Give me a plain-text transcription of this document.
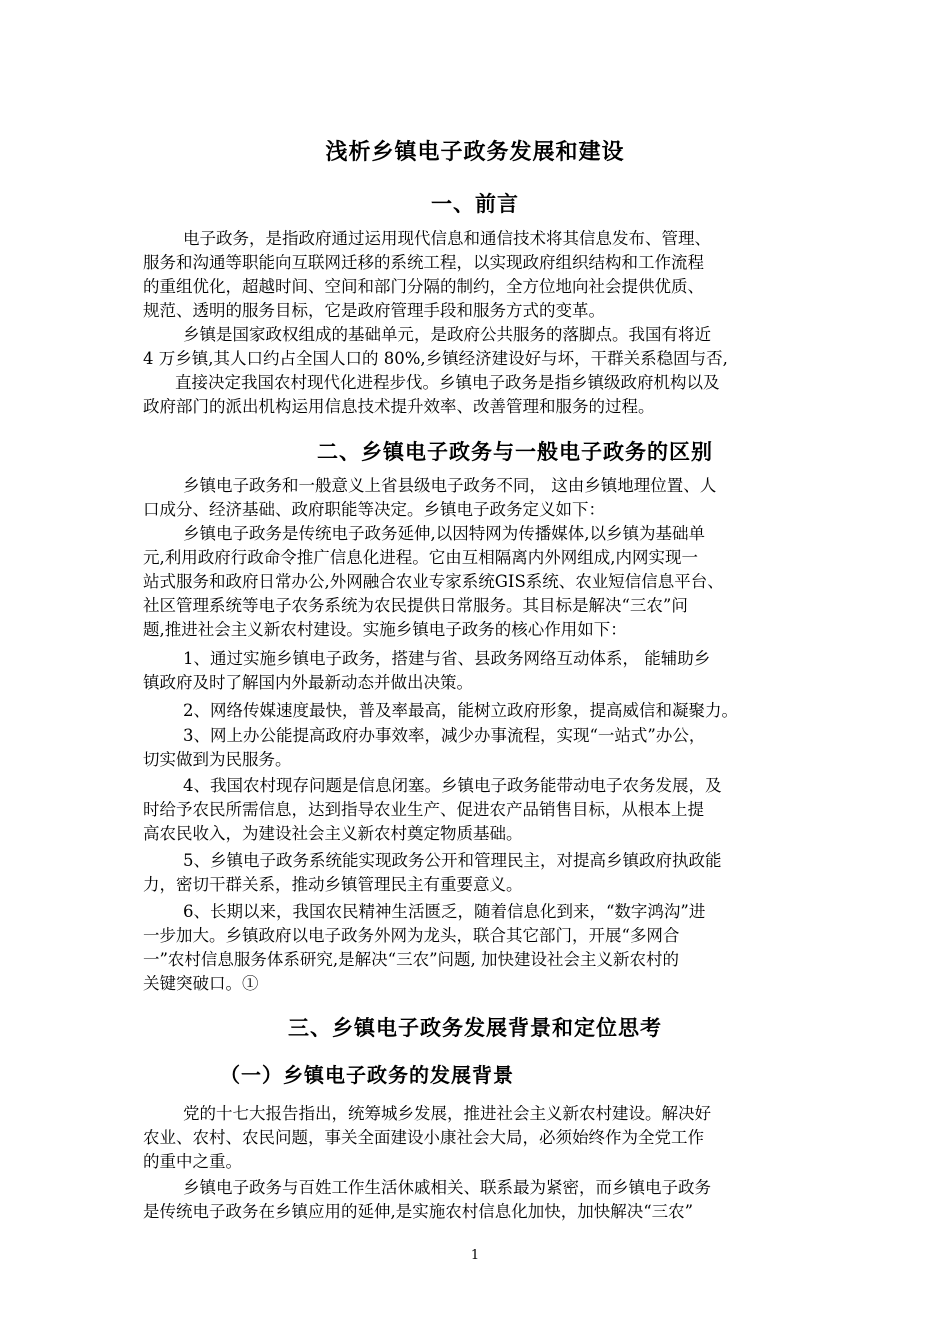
浅析乡镇电子政务发展和建设
一、前言
电子政务，是指政府通过运用现代信息和通信技术将其信息发布、管理、
服务和沟通等职能向互联网迁移的系统工程，以实现政府组织结构和工作流程
的重组优化，超越时间、空间和部门分隔的制约，全方位地向社会提供优质、
规范、透明的服务目标，它是政府管理手段和服务方式的变革。
乡镇是国家政权组成的基础单元，是政府公共服务的落脚点。我国有将近
4 万乡镇,其人口约占全国人口的 80%,乡镇经济建设好与坏，干群关系稳固与否,
直接决定我国农村现代化进程步伐。乡镇电子政务是指乡镇级政府机构以及
政府部门的派出机构运用信息技术提升效率、改善管理和服务的过程。
二、乡镇电子政务与一般电子政务的区别
乡镇电子政务和一般意义上省县级电子政务不同， 这由乡镇地理位置、人
口成分、经济基础、政府职能等决定。乡镇电子政务定义如下：
乡镇电子政务是传统电子政务延伸,以因特网为传播媒体,以乡镇为基础单
元,利用政府行政命令推广信息化进程。它由互相隔离内外网组成,内网实现一
站式服务和政府日常办公,外网融合农业专家系统GIS系统、农业短信信息平台、
社区管理系统等电子农务系统为农民提供日常服务。其目标是解决“三农”问
题,推进社会主义新农村建设。实施乡镇电子政务的核心作用如下：
1、通过实施乡镇电子政务，搭建与省、县政务网络互动体系， 能辅助乡
镇政府及时了解国内外最新动态并做出决策。
2、网络传媒速度最快，普及率最高，能树立政府形象，提高威信和凝聚力。
3、网上办公能提高政府办事效率，减少办事流程，实现“一站式”办公，
切实做到为民服务。
4、我国农村现存问题是信息闭塞。乡镇电子政务能带动电子农务发展，及
时给予农民所需信息，达到指导农业生产、促进农产品销售目标，从根本上提
高农民收入，为建设社会主义新农村奠定物质基础。
5、乡镇电子政务系统能实现政务公开和管理民主，对提高乡镇政府执政能
力，密切干群关系，推动乡镇管理民主有重要意义。
6、长期以来，我国农民精神生活匮乏，随着信息化到来，“数字鸿沟”进
一步加大。乡镇政府以电子政务外网为龙头，联合其它部门，开展“多网合
一”农村信息服务体系研究,是解决“三农”问题, 加快建设社会主义新农村的
关键突破口。①
三、乡镇电子政务发展背景和定位思考
（一）乡镇电子政务的发展背景
党的十七大报告指出，统筹城乡发展，推进社会主义新农村建设。解决好
农业、农村、农民问题，事关全面建设小康社会大局，必须始终作为全党工作
的重中之重。
乡镇电子政务与百姓工作生活休戚相关、联系最为紧密，而乡镇电子政务
是传统电子政务在乡镇应用的延伸,是实施农村信息化加快，加快解决“三农”
1
